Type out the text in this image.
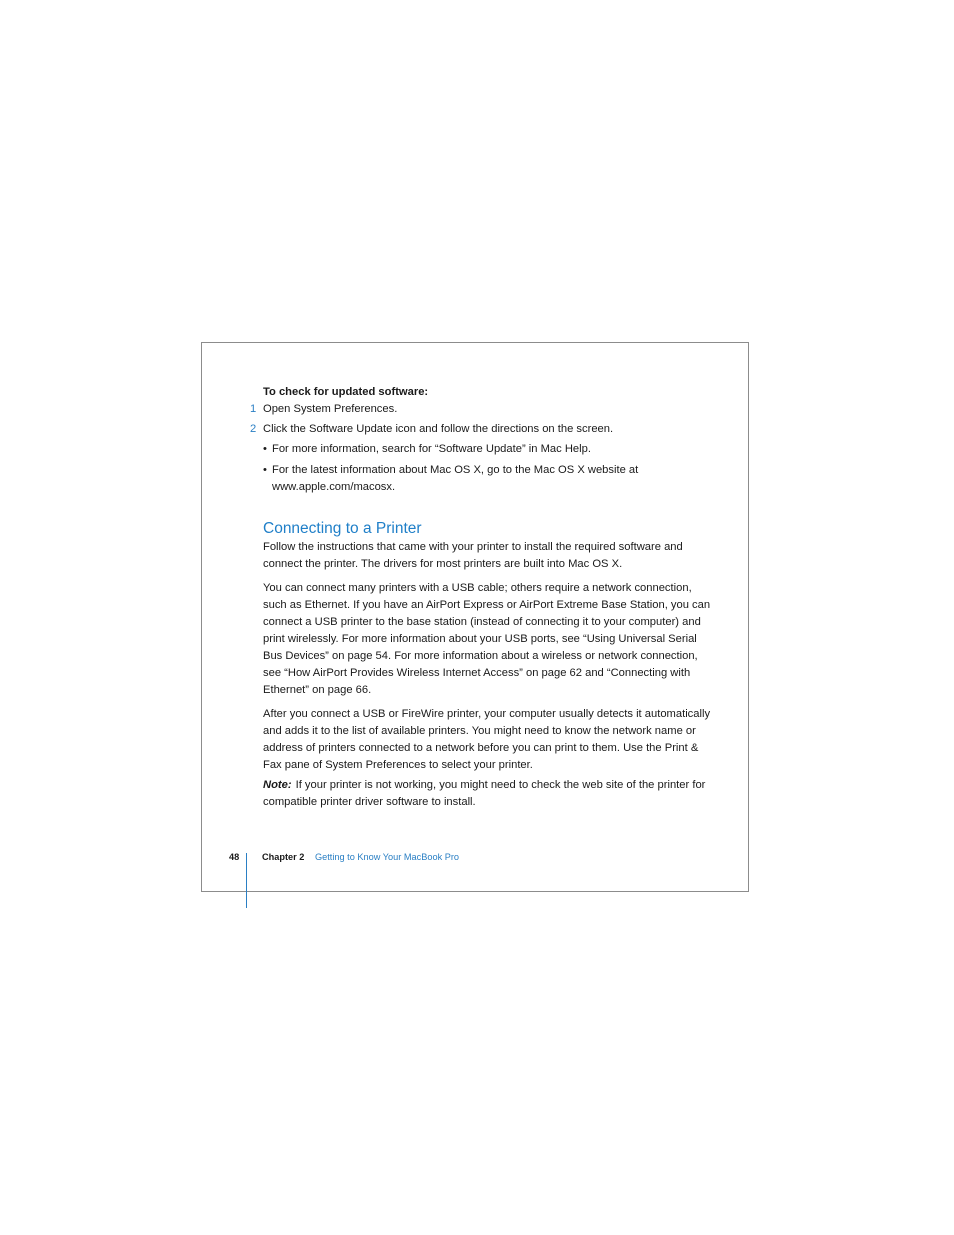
To check for updated software:
1 Open System Preferences.
2 Click the Software Update icon and follow the directions on the screen.
• For more information, search for “Software Update” in Mac Help.
• For the latest information about Mac OS X, go to the Mac OS X website at www.apple.com/macosx.
Connecting to a Printer

Follow the instructions that came with your printer to install the required software and connect the printer. The drivers for most printers are built into Mac OS X.

You can connect many printers with a USB cable; others require a network connection, such as Ethernet. If you have an AirPort Express or AirPort Extreme Base Station, you can connect a USB printer to the base station (instead of connecting it to your computer) and print wirelessly. For more information about your USB ports, see “Using Universal Serial Bus Devices” on page 54. For more information about a wireless or network connection, see “How AirPort Provides Wireless Internet Access” on page 62 and “Connecting with Ethernet” on page 66.

After you connect a USB or FireWire printer, your computer usually detects it automatically and adds it to the list of available printers. You might need to know the network name or address of printers connected to a network before you can print to them. Use the Print & Fax pane of System Preferences to select your printer.

Note: If your printer is not working, you might need to check the web site of the printer for compatible printer driver software to install.

48 Chapter 2 Getting to Know Your MacBook Pro
